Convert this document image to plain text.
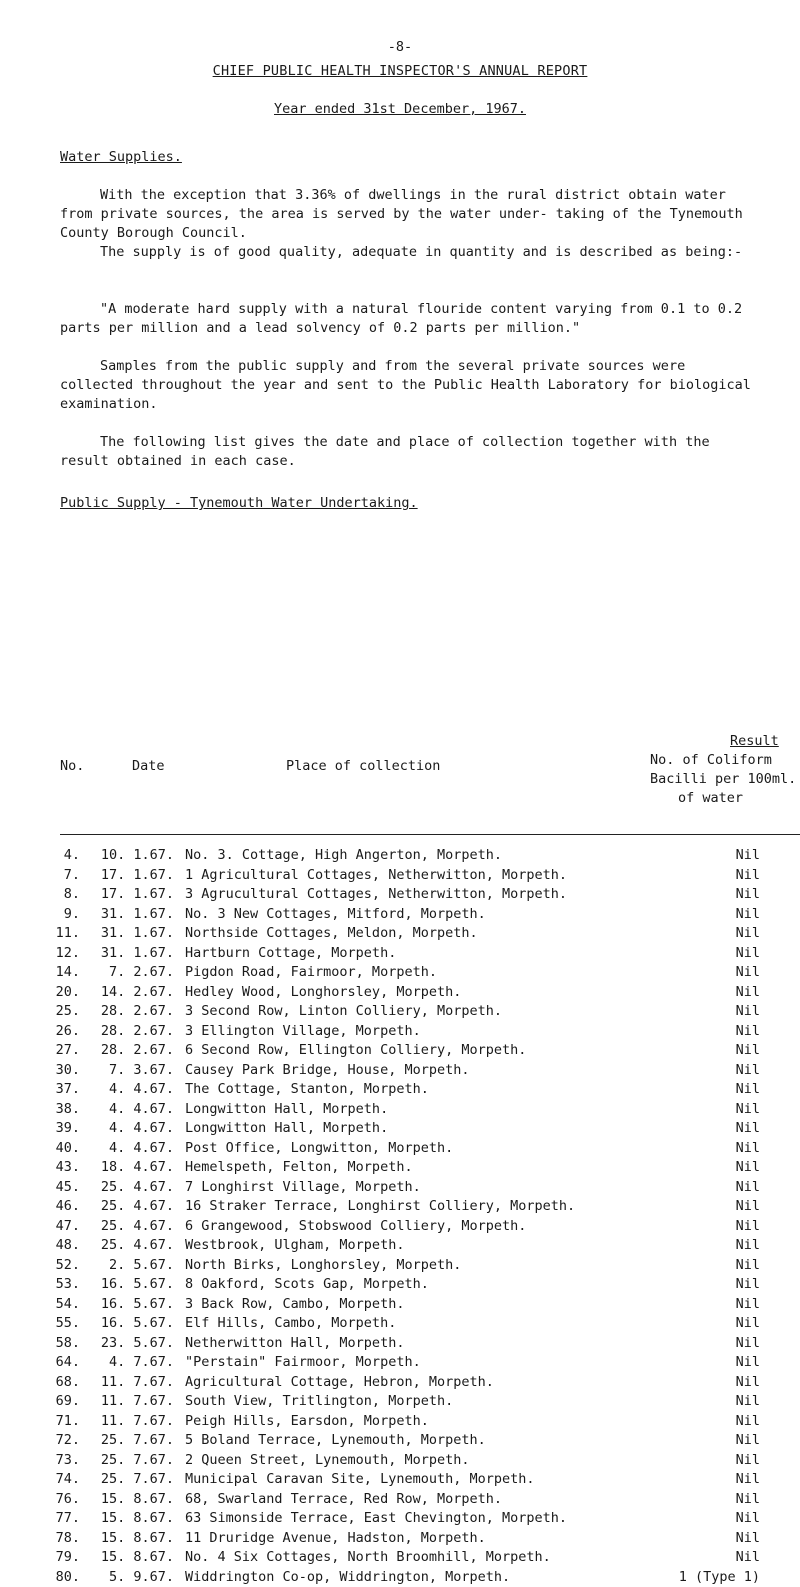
-8-
CHIEF PUBLIC HEALTH INSPECTOR'S ANNUAL REPORT
Year ended 31st December, 1967.
Water Supplies.

With the exception that 3.36% of dwellings in the rural district obtain water from private sources, the area is served by the water under- taking of the Tynemouth County Borough Council.

The supply is of good quality, adequate in quantity and is described as being:-

"A moderate hard supply with a natural flouride content varying from 0.1 to 0.2 parts per million and a lead solvency of 0.2 parts per million."

Samples from the public supply and from the several private sources were collected throughout the year and sent to the Public Health Laboratory for biological examination.

The following list gives the date and place of collection together with the result obtained in each case.

Public Supply - Tynemouth Water Undertaking.
No.	Date	Place of collection
Result
No. of Coliform
Bacilli per 100ml.
of water
4.	10. 1.67. No. 3. Cottage, High Angerton, Morpeth.	Nil
7.	17. 1.67. 1 Agricultural Cottages, Netherwitton, Morpeth.	Nil
8.	17. 1.67. 3 Agrucultural Cottages, Netherwitton, Morpeth.	Nil
9.	31. 1.67. No. 3 New Cottages, Mitford, Morpeth.	Nil
11.	31. 1.67. Northside Cottages, Meldon, Morpeth.	Nil
12.	31. 1.67. Hartburn Cottage, Morpeth.	Nil
14.	7. 2.67. Pigdon Road, Fairmoor, Morpeth.	Nil
20.	14. 2.67. Hedley Wood, Longhorsley, Morpeth.	Nil
25.	28. 2.67. 3 Second Row, Linton Colliery, Morpeth.	Nil
26.	28. 2.67. 3 Ellington Village, Morpeth.	Nil
27.	28. 2.67. 6 Second Row, Ellington Colliery, Morpeth.	Nil
30.	7. 3.67. Causey Park Bridge, House, Morpeth.	Nil
37.	4. 4.67. The Cottage, Stanton, Morpeth.	Nil
38.	4. 4.67. Longwitton Hall, Morpeth.	Nil
39.	4. 4.67. Longwitton Hall, Morpeth.	Nil
40.	4. 4.67. Post Office, Longwitton, Morpeth.	Nil
43.	18. 4.67. Hemelspeth, Felton, Morpeth.	Nil
45.	25. 4.67. 7 Longhirst Village, Morpeth.	Nil
46.	25. 4.67. 16 Straker Terrace, Longhirst Colliery, Morpeth.	Nil
47.	25. 4.67. 6 Grangewood, Stobswood Colliery, Morpeth.	Nil
48.	25. 4.67. Westbrook, Ulgham, Morpeth.	Nil
52.	2. 5.67. North Birks, Longhorsley, Morpeth.	Nil
53.	16. 5.67. 8 Oakford, Scots Gap, Morpeth.	Nil
54.	16. 5.67. 3 Back Row, Cambo, Morpeth.	Nil
55.	16. 5.67. Elf Hills, Cambo, Morpeth.	Nil
58.	23. 5.67. Netherwitton Hall, Morpeth.	Nil
64.	4. 7.67. "Perstain" Fairmoor, Morpeth.	Nil
68.	11. 7.67. Agricultural Cottage, Hebron, Morpeth.	Nil
69.	11. 7.67. South View, Tritlington, Morpeth.	Nil
71.	11. 7.67. Peigh Hills, Earsdon, Morpeth.	Nil
72.	25. 7.67. 5 Boland Terrace, Lynemouth, Morpeth.	Nil
73.	25. 7.67. 2 Queen Street, Lynemouth, Morpeth.	Nil
74.	25. 7.67. Municipal Caravan Site, Lynemouth, Morpeth.	Nil
76.	15. 8.67. 68, Swarland Terrace, Red Row, Morpeth.	Nil
77.	15. 8.67. 63 Simonside Terrace, East Chevington, Morpeth.	Nil
78.	15. 8.67. 11 Druridge Avenue, Hadston, Morpeth.	Nil
79.	15. 8.67. No. 4 Six Cottages, North Broomhill, Morpeth.	Nil
80.	5. 9.67. Widdrington Co-op, Widdrington, Morpeth.	1 (Type 1)
